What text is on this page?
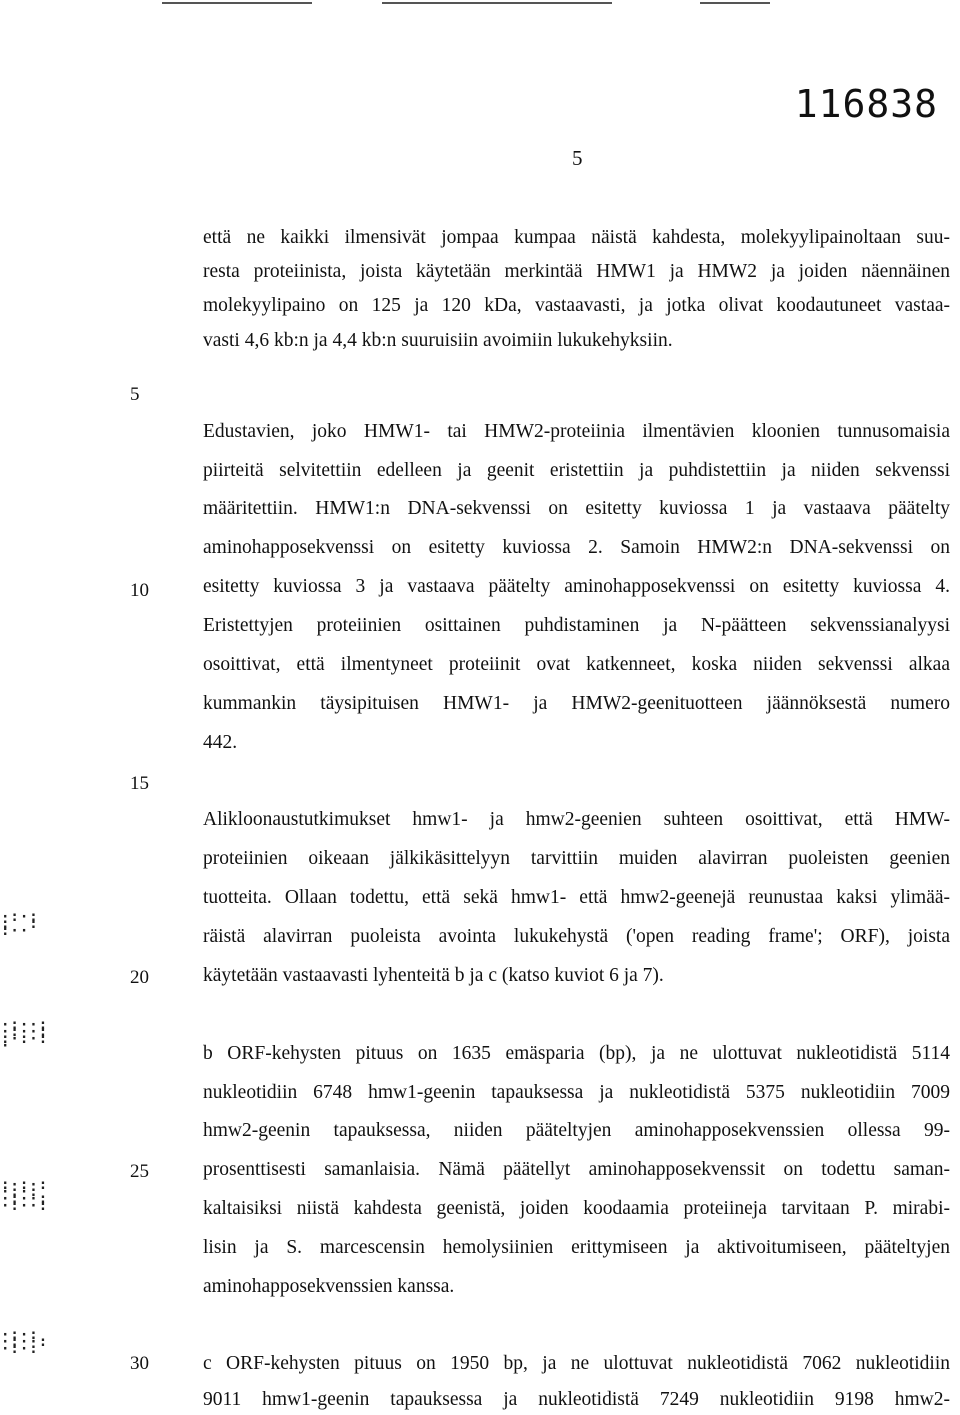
116838
5
5
10
15
20
25
30
·:·:
:  :
:··
·:··:
·:··:
:·:·:
·
:·:·:
·:·:
·:··:
·:··:
·:·:
·:··:
·:·:
että ne kaikki ilmensivät jompaa kumpaa näistä kahdesta, molekyylipainoltaan suu-
resta proteiinista, joista käytetään merkintää HMW1 ja HMW2 ja joiden näennäinen
molekyylipaino on 125 ja 120 kDa, vastaavasti, ja jotka olivat koodautuneet vastaa-
vasti 4,6 kb:n ja 4,4 kb:n suuruisiin avoimiin lukukehyksiin.
Edustavien, joko HMW1- tai HMW2-proteiinia ilmentävien kloonien tunnusomaisia
piirteitä selvitettiin edelleen ja geenit eristettiin ja puhdistettiin ja niiden sekvenssi
määritettiin. HMW1:n DNA-sekvenssi on esitetty kuviossa 1 ja vastaava päätelty
aminohapposekvenssi on esitetty kuviossa 2. Samoin HMW2:n DNA-sekvenssi on
esitetty kuviossa 3 ja vastaava päätelty aminohapposekvenssi on esitetty kuviossa 4.
Eristettyjen proteiinien osittainen puhdistaminen ja N-päätteen sekvenssianalyysi
osoittivat, että ilmentyneet proteiinit ovat katkenneet, koska niiden sekvenssi alkaa
kummankin täysipituisen HMW1- ja HMW2-geenituotteen jäännöksestä numero
442.
Alikloonaustutkimukset hmw1- ja hmw2-geenien suhteen osoittivat, että HMW-
proteiinien oikeaan jälkikäsittelyyn tarvittiin muiden alavirran puoleisten geenien
tuotteita. Ollaan todettu, että sekä hmw1- että hmw2-geenejä reunustaa kaksi ylimää-
räistä alavirran puoleista avointa lukukehystä ('open reading frame'; ORF), joista
käytetään vastaavasti lyhenteitä b ja c (katso kuviot 6 ja 7).
b ORF-kehysten pituus on 1635 emäsparia (bp), ja ne ulottuvat nukleotidistä 5114
nukleotidiin 6748 hmw1-geenin tapauksessa ja nukleotidistä 5375 nukleotidiin 7009
hmw2-geenin tapauksessa, niiden pääteltyjen aminohapposekvenssien ollessa 99-
prosenttisesti samanlaisia. Nämä päätellyt aminohapposekvenssit on todettu saman-
kaltaisiksi niistä kahdesta geenistä, joiden koodaamia proteiineja tarvitaan P. mirabi-
lisin ja S. marcescensin hemolysiinien erittymiseen ja aktivoitumiseen, pääteltyjen
aminohapposekvenssien kanssa.
c ORF-kehysten pituus on 1950 bp, ja ne ulottuvat nukleotidistä 7062 nukleotidiin
9011 hmw1-geenin tapauksessa ja nukleotidistä 7249 nukleotidiin 9198 hmw2-
